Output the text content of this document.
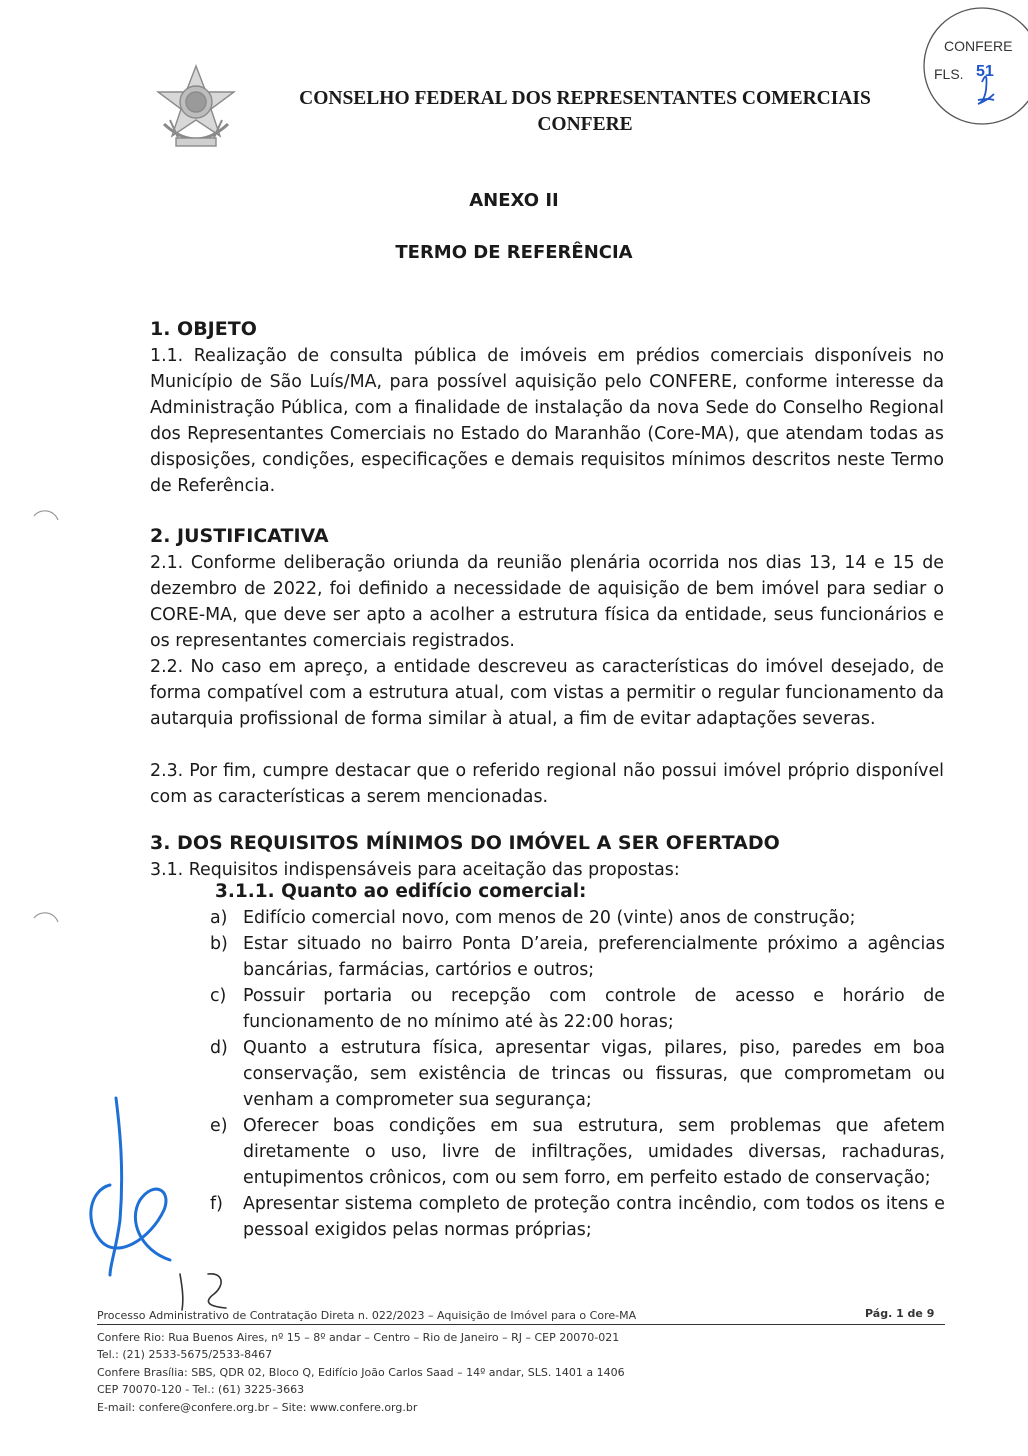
CONSELHO FEDERAL DOS REPRESENTANTES COMERCIAIS
CONFERE
CONFERE
FLS. 51
ANEXO II
TERMO DE REFERÊNCIA
1. OBJETO
1.1. Realização de consulta pública de imóveis em prédios comerciais disponíveis no Município de São Luís/MA, para possível aquisição pelo CONFERE, conforme interesse da Administração Pública, com a finalidade de instalação da nova Sede do Conselho Regional dos Representantes Comerciais no Estado do Maranhão (Core-MA), que atendam todas as disposições, condições, especificações e demais requisitos mínimos descritos neste Termo de Referência.
2. JUSTIFICATIVA
2.1. Conforme deliberação oriunda da reunião plenária ocorrida nos dias 13, 14 e 15 de dezembro de 2022, foi definido a necessidade de aquisição de bem imóvel para sediar o CORE-MA, que deve ser apto a acolher a estrutura física da entidade, seus funcionários e os representantes comerciais registrados.
2.2. No caso em apreço, a entidade descreveu as características do imóvel desejado, de forma compatível com a estrutura atual, com vistas a permitir o regular funcionamento da autarquia profissional de forma similar à atual, a fim de evitar adaptações severas.
2.3. Por fim, cumpre destacar que o referido regional não possui imóvel próprio disponível com as características a serem mencionadas.
3. DOS REQUISITOS MÍNIMOS DO IMÓVEL A SER OFERTADO
3.1. Requisitos indispensáveis para aceitação das propostas:
3.1.1. Quanto ao edifício comercial:
a) Edifício comercial novo, com menos de 20 (vinte) anos de construção;
b) Estar situado no bairro Ponta D’areia, preferencialmente próximo a agências bancárias, farmácias, cartórios e outros;
c) Possuir portaria ou recepção com controle de acesso e horário de funcionamento de no mínimo até às 22:00 horas;
d) Quanto a estrutura física, apresentar vigas, pilares, piso, paredes em boa conservação, sem existência de trincas ou fissuras, que comprometam ou venham a comprometer sua segurança;
e) Oferecer boas condições em sua estrutura, sem problemas que afetem diretamente o uso, livre de infiltrações, umidades diversas, rachaduras, entupimentos crônicos, com ou sem forro, em perfeito estado de conservação;
f)	Apresentar sistema completo de proteção contra incêndio, com todos os itens e pessoal exigidos pelas normas próprias;
Processo Administrativo de Contratação Direta n. 022/2023 – Aquisição de Imóvel para o Core-MA	Pág. 1 de 9
Confere Rio: Rua Buenos Aires, nº 15 – 8º andar – Centro – Rio de Janeiro – RJ – CEP 20070-021
Tel.: (21) 2533-5675/2533-8467
Confere Brasília: SBS, QDR 02, Bloco Q, Edifício João Carlos Saad – 14º andar, SLS. 1401 a 1406
CEP 70070-120 - Tel.: (61) 3225-3663
E-mail: confere@confere.org.br – Site: www.confere.org.br
